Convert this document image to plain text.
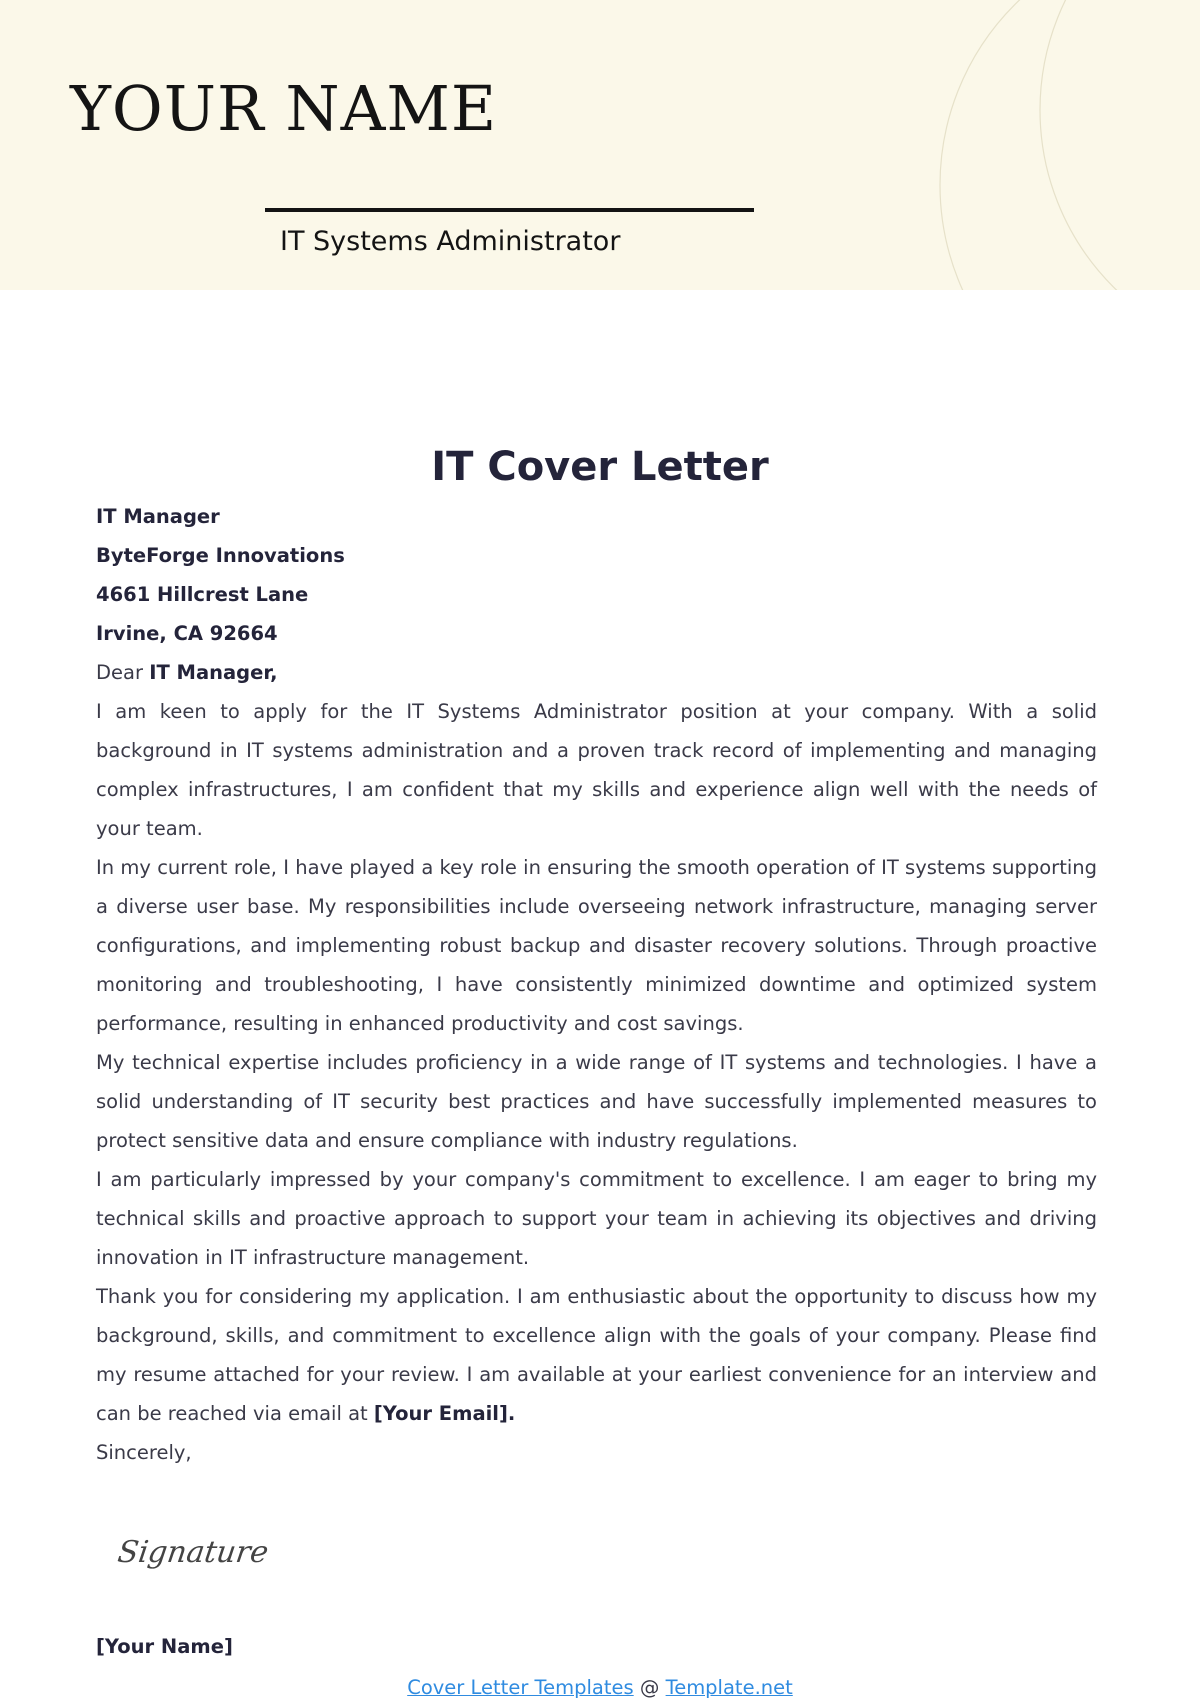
YOUR NAME
IT Systems Administrator
IT Cover Letter
IT Manager
ByteForge Innovations
4661 Hillcrest Lane
Irvine, CA 92664

Dear IT Manager,

I am keen to apply for the IT Systems Administrator position at your company. With a solid background in IT systems administration and a proven track record of implementing and managing complex infrastructures, I am confident that my skills and experience align well with the needs of your team.

In my current role, I have played a key role in ensuring the smooth operation of IT systems supporting a diverse user base. My responsibilities include overseeing network infrastructure, managing server configurations, and implementing robust backup and disaster recovery solutions. Through proactive monitoring and troubleshooting, I have consistently minimized downtime and optimized system performance, resulting in enhanced productivity and cost savings.

My technical expertise includes proficiency in a wide range of IT systems and technologies. I have a solid understanding of IT security best practices and have successfully implemented measures to protect sensitive data and ensure compliance with industry regulations.

I am particularly impressed by your company's commitment to excellence. I am eager to bring my technical skills and proactive approach to support your team in achieving its objectives and driving innovation in IT infrastructure management.

Thank you for considering my application. I am enthusiastic about the opportunity to discuss how my background, skills, and commitment to excellence align with the goals of your company. Please find my resume attached for your review. I am available at your earliest convenience for an interview and can be reached via email at [Your Email].

Sincerely,

Signature
[Your Name]
Cover Letter Templates @ Template.net
